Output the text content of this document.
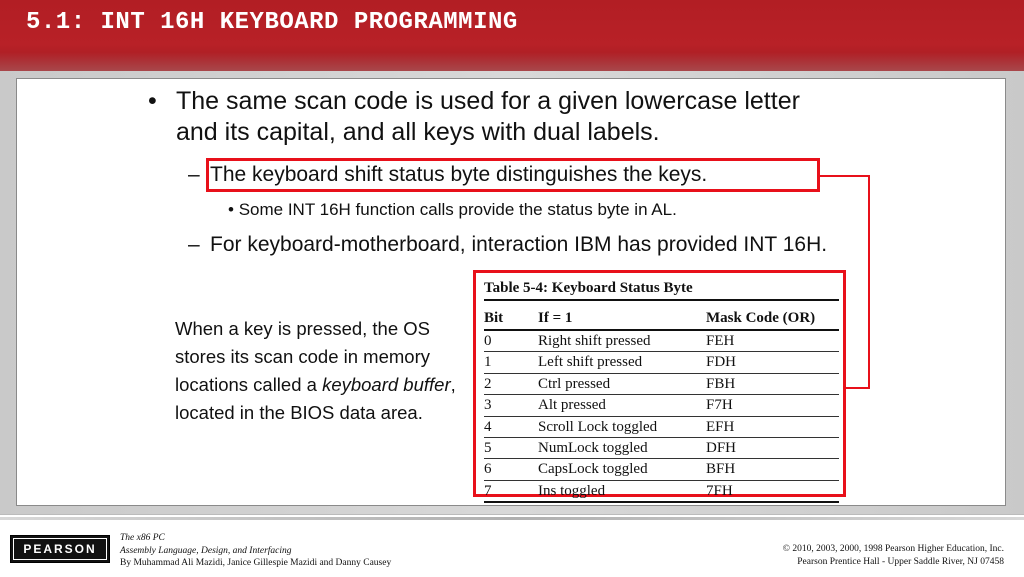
5.1: INT 16H KEYBOARD PROGRAMMING
• The same scan code is used for a given lowercase letter and its capital, and all keys with dual labels.
– The keyboard shift status byte distinguishes the keys.
• Some INT 16H function calls provide the status byte in AL.
– For keyboard-motherboard, interaction IBM has provided INT 16H.
When a key is pressed, the OS stores its scan code in memory locations called a keyboard buffer, located in the BIOS data area.
Table 5-4: Keyboard Status Byte
Bit	If = 1	Mask Code (OR)
0	Right shift pressed	FEH
1	Left shift pressed	FDH
2	Ctrl pressed	FBH
3	Alt pressed	F7H
4	Scroll Lock toggled	EFH
5	NumLock toggled	DFH
6	CapsLock toggled	BFH
7	Ins toggled	7FH
PEARSON
The x86 PC
Assembly Language, Design, and Interfacing
By Muhammad Ali Mazidi, Janice Gillespie Mazidi and Danny Causey
© 2010, 2003, 2000, 1998 Pearson Higher Education, Inc.
Pearson Prentice Hall - Upper Saddle River, NJ 07458
